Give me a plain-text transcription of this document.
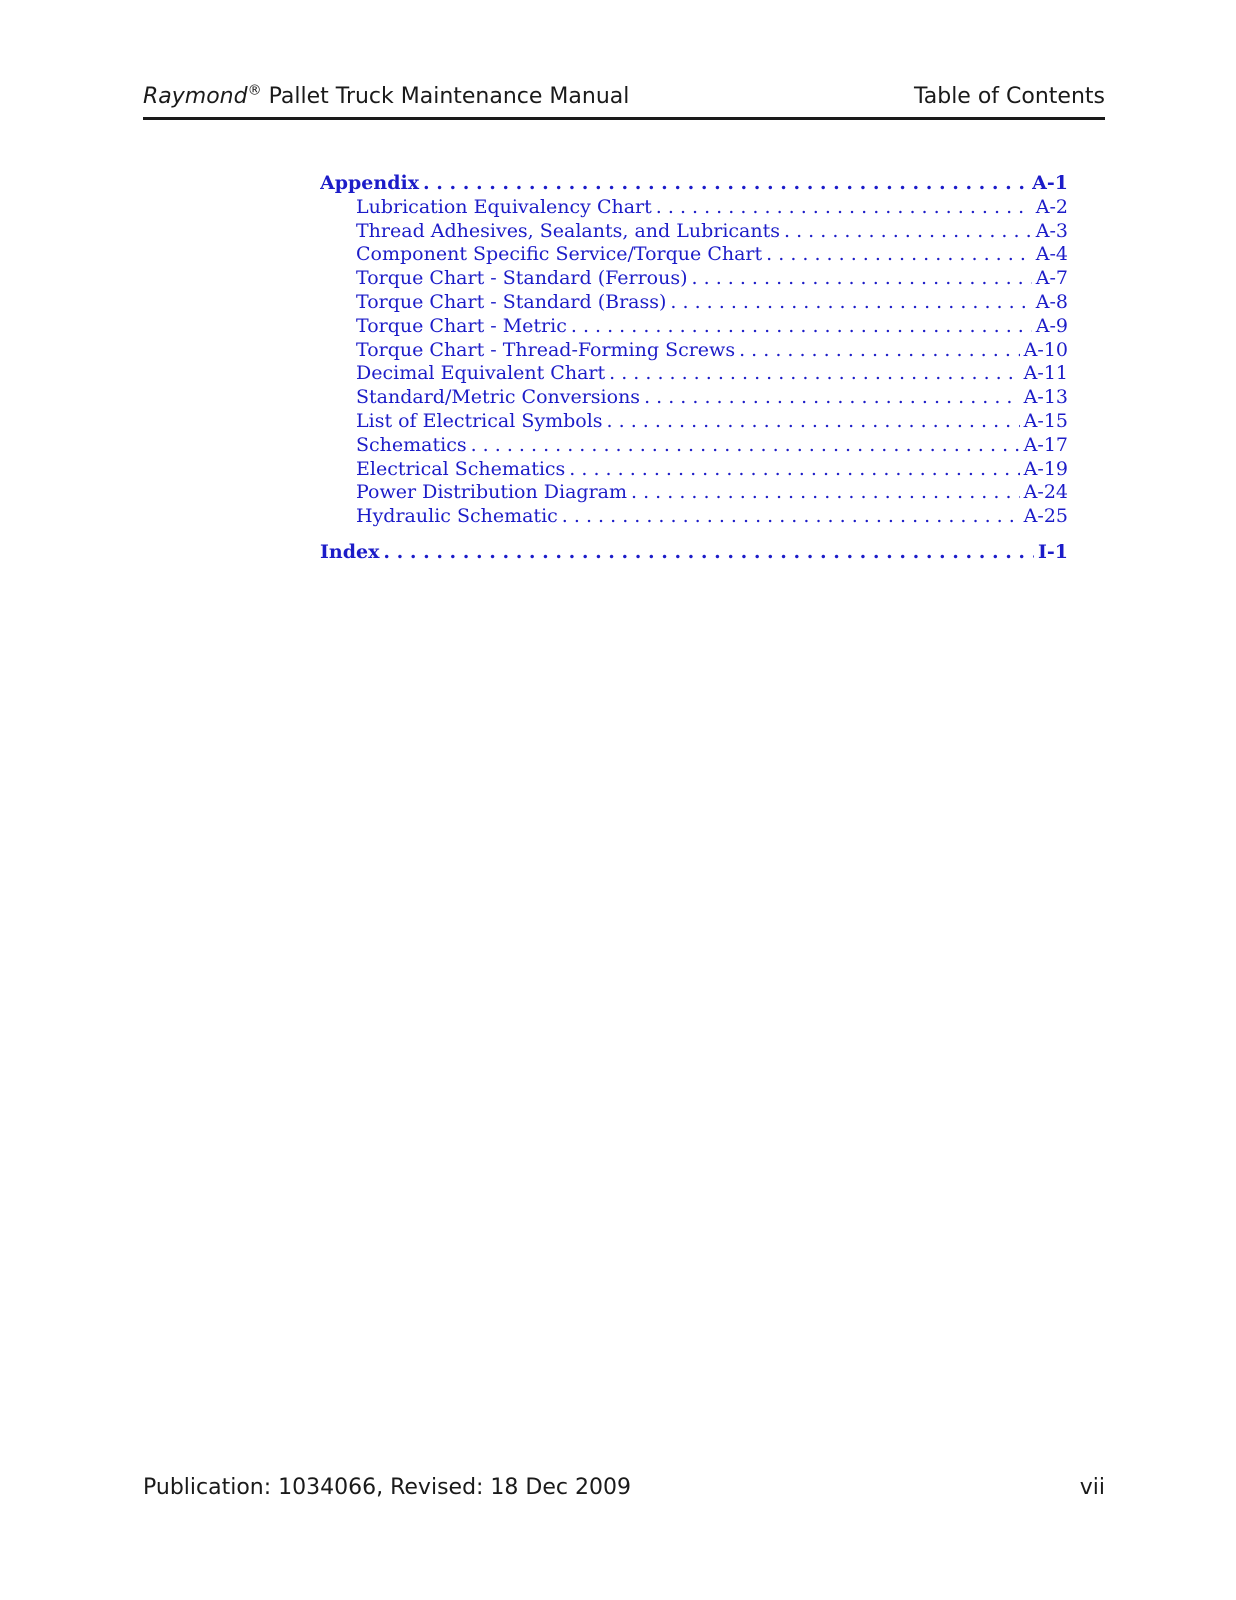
Raymond® Pallet Truck Maintenance Manual	Table of Contents
Appendix . . .	A-1
Lubrication Equivalency Chart . . .	A-2
Thread Adhesives, Sealants, and Lubricants . . .	A-3
Component Specific Service/Torque Chart . . .	A-4
Torque Chart - Standard (Ferrous) . . .	A-7
Torque Chart - Standard (Brass) . . .	A-8
Torque Chart - Metric . . .	A-9
Torque Chart - Thread-Forming Screws . . .	A-10
Decimal Equivalent Chart . . .	A-11
Standard/Metric Conversions . . .	A-13
List of Electrical Symbols . . .	A-15
Schematics . . .	A-17
Electrical Schematics . . .	A-19
Power Distribution Diagram . . .	A-24
Hydraulic Schematic . . .	A-25
Index . . .	I-1
Publication: 1034066, Revised: 18 Dec 2009	vii
